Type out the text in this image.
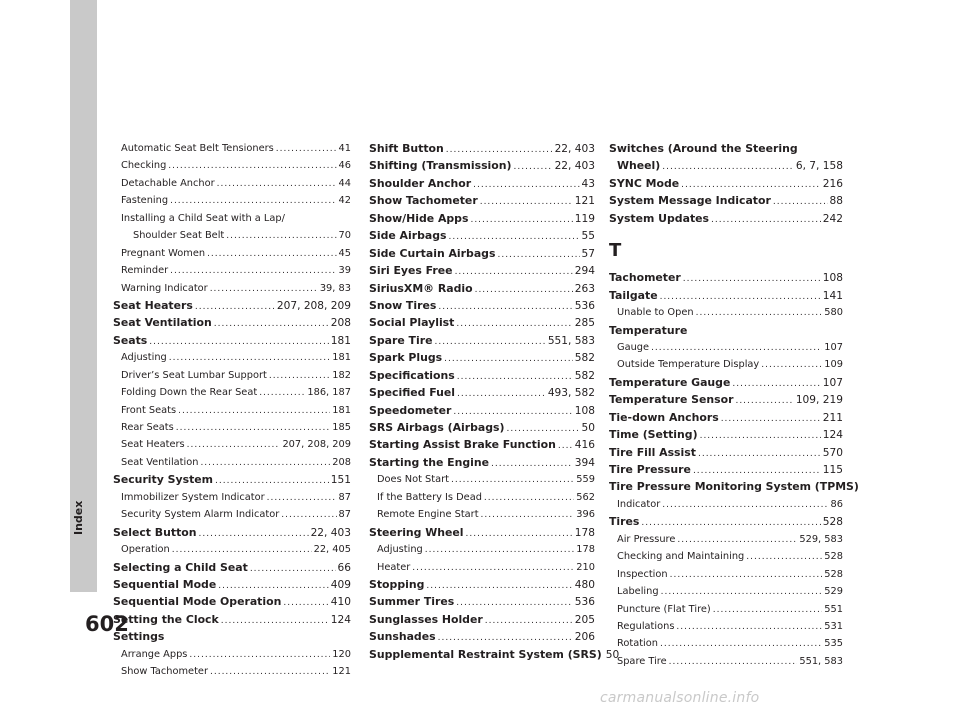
Index
602
Automatic Seat Belt Tensioners .....	41
Checking .....	46
Detachable Anchor .....	44
Fastening .....	42
Installing a Child Seat with a Lap/
Shoulder Seat Belt .....	70
Pregnant Women .....	45
Reminder .....	39
Warning Indicator .....	39, 83
Seat Heaters .....	207, 208, 209
Seat Ventilation .....	208
Seats .....	181
Adjusting .....	181
Driver’s Seat Lumbar Support .....	182
Folding Down the Rear Seat .....	186, 187
Front Seats .....	181
Rear Seats .....	185
Seat Heaters .....	207, 208, 209
Seat Ventilation .....	208
Security System .....	151
Immobilizer System Indicator .....	87
Security System Alarm Indicator .....	87
Select Button .....	22, 403
Operation .....	22, 405
Selecting a Child Seat .....	66
Sequential Mode .....	409
Sequential Mode Operation .....	410
Setting the Clock .....	124
Settings
Arrange Apps .....	120
Show Tachometer .....	121
Shift Button .....	22, 403
Shifting (Transmission) .....	22, 403
Shoulder Anchor .....	43
Show Tachometer .....	121
Show/Hide Apps .....	119
Side Airbags .....	55
Side Curtain Airbags .....	57
Siri Eyes Free .....	294
SiriusXM® Radio .....	263
Snow Tires .....	536
Social Playlist .....	285
Spare Tire .....	551, 583
Spark Plugs .....	582
Specifications .....	582
Specified Fuel .....	493, 582
Speedometer .....	108
SRS Airbags (Airbags) .....	50
Starting Assist Brake Function ..... 416
Starting the Engine .....	394
Does Not Start .....	559
If the Battery Is Dead .....	562
Remote Engine Start .....	396
Steering Wheel .....	178
Adjusting .....	178
Heater .....	210
Stopping .....	480
Summer Tires .....	536
Sunglasses Holder .....	205
Sunshades .....	206
Supplemental Restraint System (SRS) 50
Switches (Around the Steering
Wheel) .....	6, 7, 158
SYNC Mode .....	216
System Message Indicator .....	88
System Updates .....	242
T
Tachometer .....	108
Tailgate .....	141
Unable to Open .....	580
Temperature
Gauge .....	107
Outside Temperature Display .....	109
Temperature Gauge .....	107
Temperature Sensor .....	109, 219
Tie-down Anchors .....	211
Time (Setting) .....	124
Tire Fill Assist .....	570
Tire Pressure .....	115
Tire Pressure Monitoring System (TPMS)
Indicator .....	86
Tires .....	528
Air Pressure .....	529, 583
Checking and Maintaining .....	528
Inspection .....	528
Labeling .....	529
Puncture (Flat Tire) .....	551
Regulations .....	531
Rotation .....	535
Spare Tire .....	551, 583
carmanualsonline.info
